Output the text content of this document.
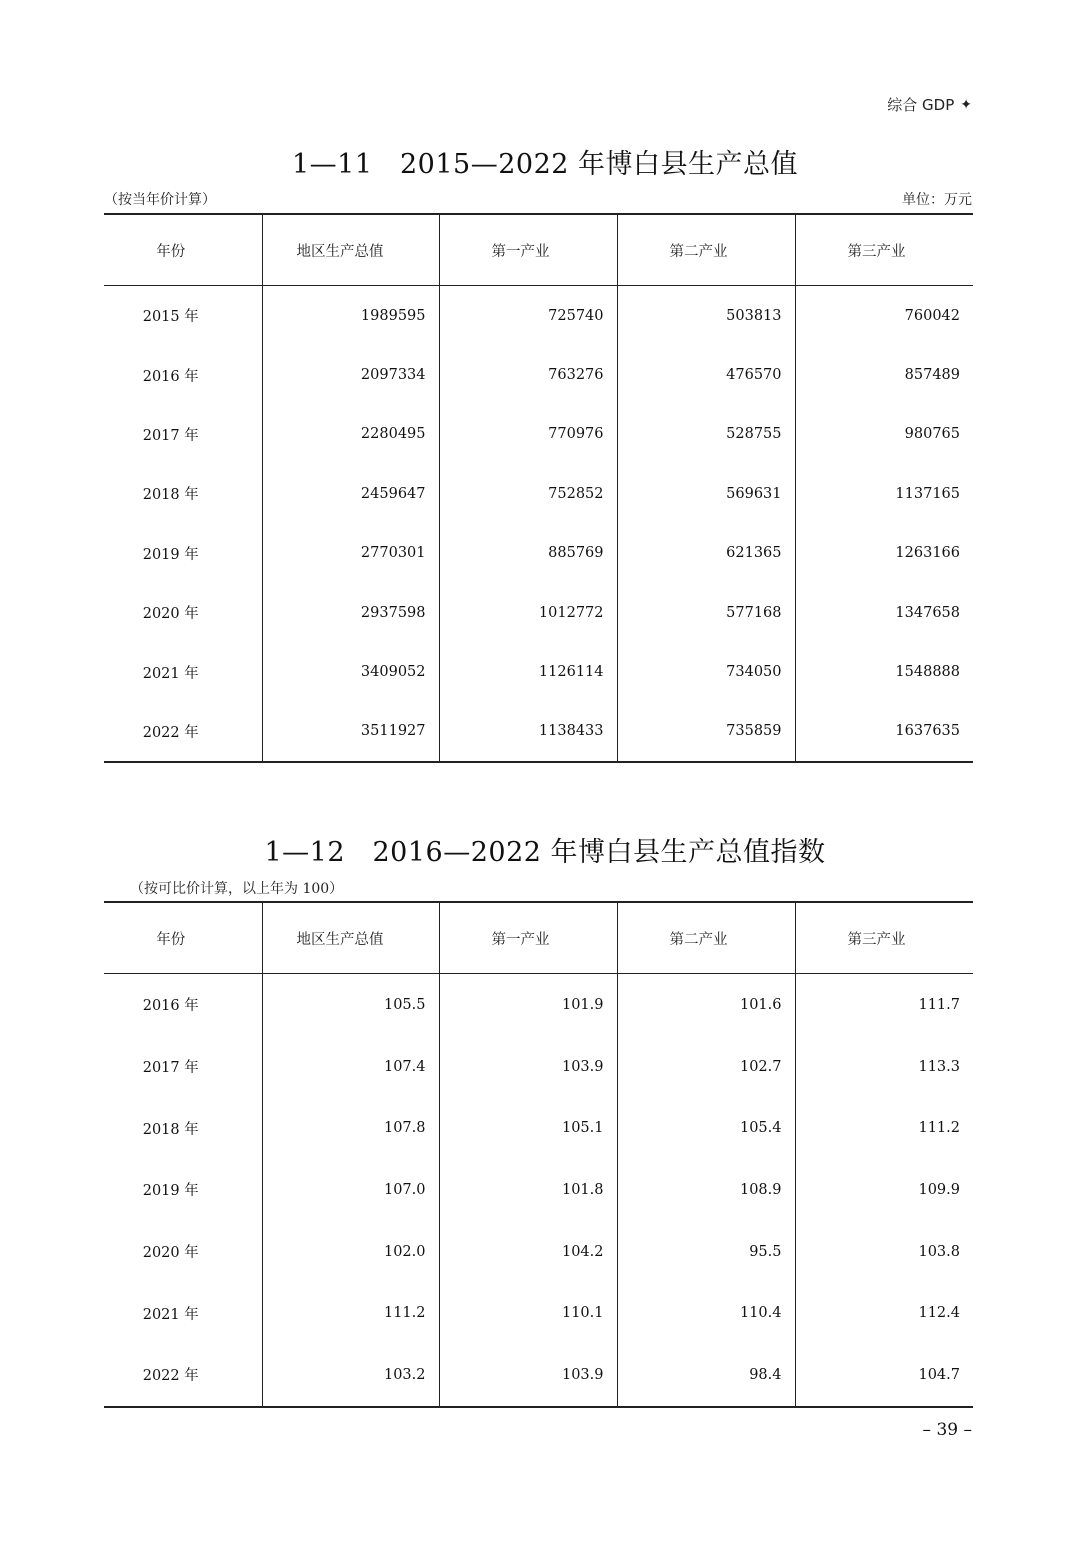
综合 GDP ✦
1—11　2015—2022 年博白县生产总值
（按当年价计算）	单位：万元
年份	地区生产总值	第一产业	第二产业	第三产业
2015 年	1989595	725740	503813	760042
2016 年	2097334	763276	476570	857489
2017 年	2280495	770976	528755	980765
2018 年	2459647	752852	569631	1137165
2019 年	2770301	885769	621365	1263166
2020 年	2937598	1012772	577168	1347658
2021 年	3409052	1126114	734050	1548888
2022 年	3511927	1138433	735859	1637635
1—12　2016—2022 年博白县生产总值指数
（按可比价计算，以上年为 100）
年份	地区生产总值	第一产业	第二产业	第三产业
2016 年	105.5	101.9	101.6	111.7
2017 年	107.4	103.9	102.7	113.3
2018 年	107.8	105.1	105.4	111.2
2019 年	107.0	101.8	108.9	109.9
2020 年	102.0	104.2	95.5	103.8
2021 年	111.2	110.1	110.4	112.4
2022 年	103.2	103.9	98.4	104.7
– 39 –
